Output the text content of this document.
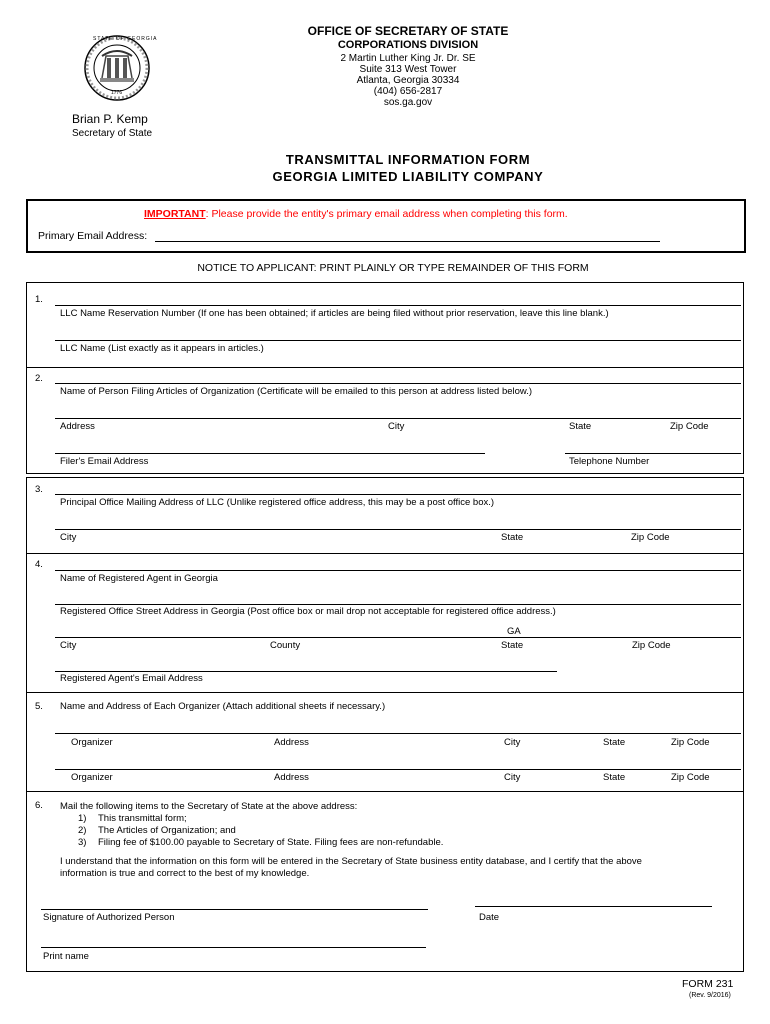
STATE OF GEORGIA
1776
Brian P. Kemp
Secretary of State
OFFICE OF SECRETARY OF STATE
CORPORATIONS DIVISION
2 Martin Luther King Jr. Dr. SE
Suite 313 West Tower
Atlanta, Georgia 30334
(404) 656-2817
sos.ga.gov
TRANSMITTAL INFORMATION FORM
GEORGIA LIMITED LIABILITY COMPANY
IMPORTANT: Please provide the entity's primary email address when completing this form.
Primary Email Address:
NOTICE TO APPLICANT: PRINT PLAINLY OR TYPE REMAINDER OF THIS FORM
1.
LLC Name Reservation Number (If one has been obtained; if articles are being filed without prior reservation, leave this line blank.)
LLC Name (List exactly as it appears in articles.)
2.
Name of Person Filing Articles of Organization (Certificate will be emailed to this person at address listed below.)
Address	City	State	Zip Code
Filer's Email Address	Telephone Number
3.
Principal Office Mailing Address of LLC (Unlike registered office address, this may be a post office box.)
City	State	Zip Code
4.
Name of Registered Agent in Georgia
Registered Office Street Address in Georgia (Post office box or mail drop not acceptable for registered office address.)
GA
City	County	State	Zip Code
Registered Agent's Email Address
5. Name and Address of Each Organizer (Attach additional sheets if necessary.)
Organizer	Address	City	State	Zip Code
Organizer	Address	City	State	Zip Code
6. Mail the following items to the Secretary of State at the above address:
1) This transmittal form;
2) The Articles of Organization; and
3) Filing fee of $100.00 payable to Secretary of State. Filing fees are non-refundable.
I understand that the information on this form will be entered in the Secretary of State business entity database, and I certify that the above
information is true and correct to the best of my knowledge.
Signature of Authorized Person	Date
Print name
FORM 231
(Rev. 9/2016)
